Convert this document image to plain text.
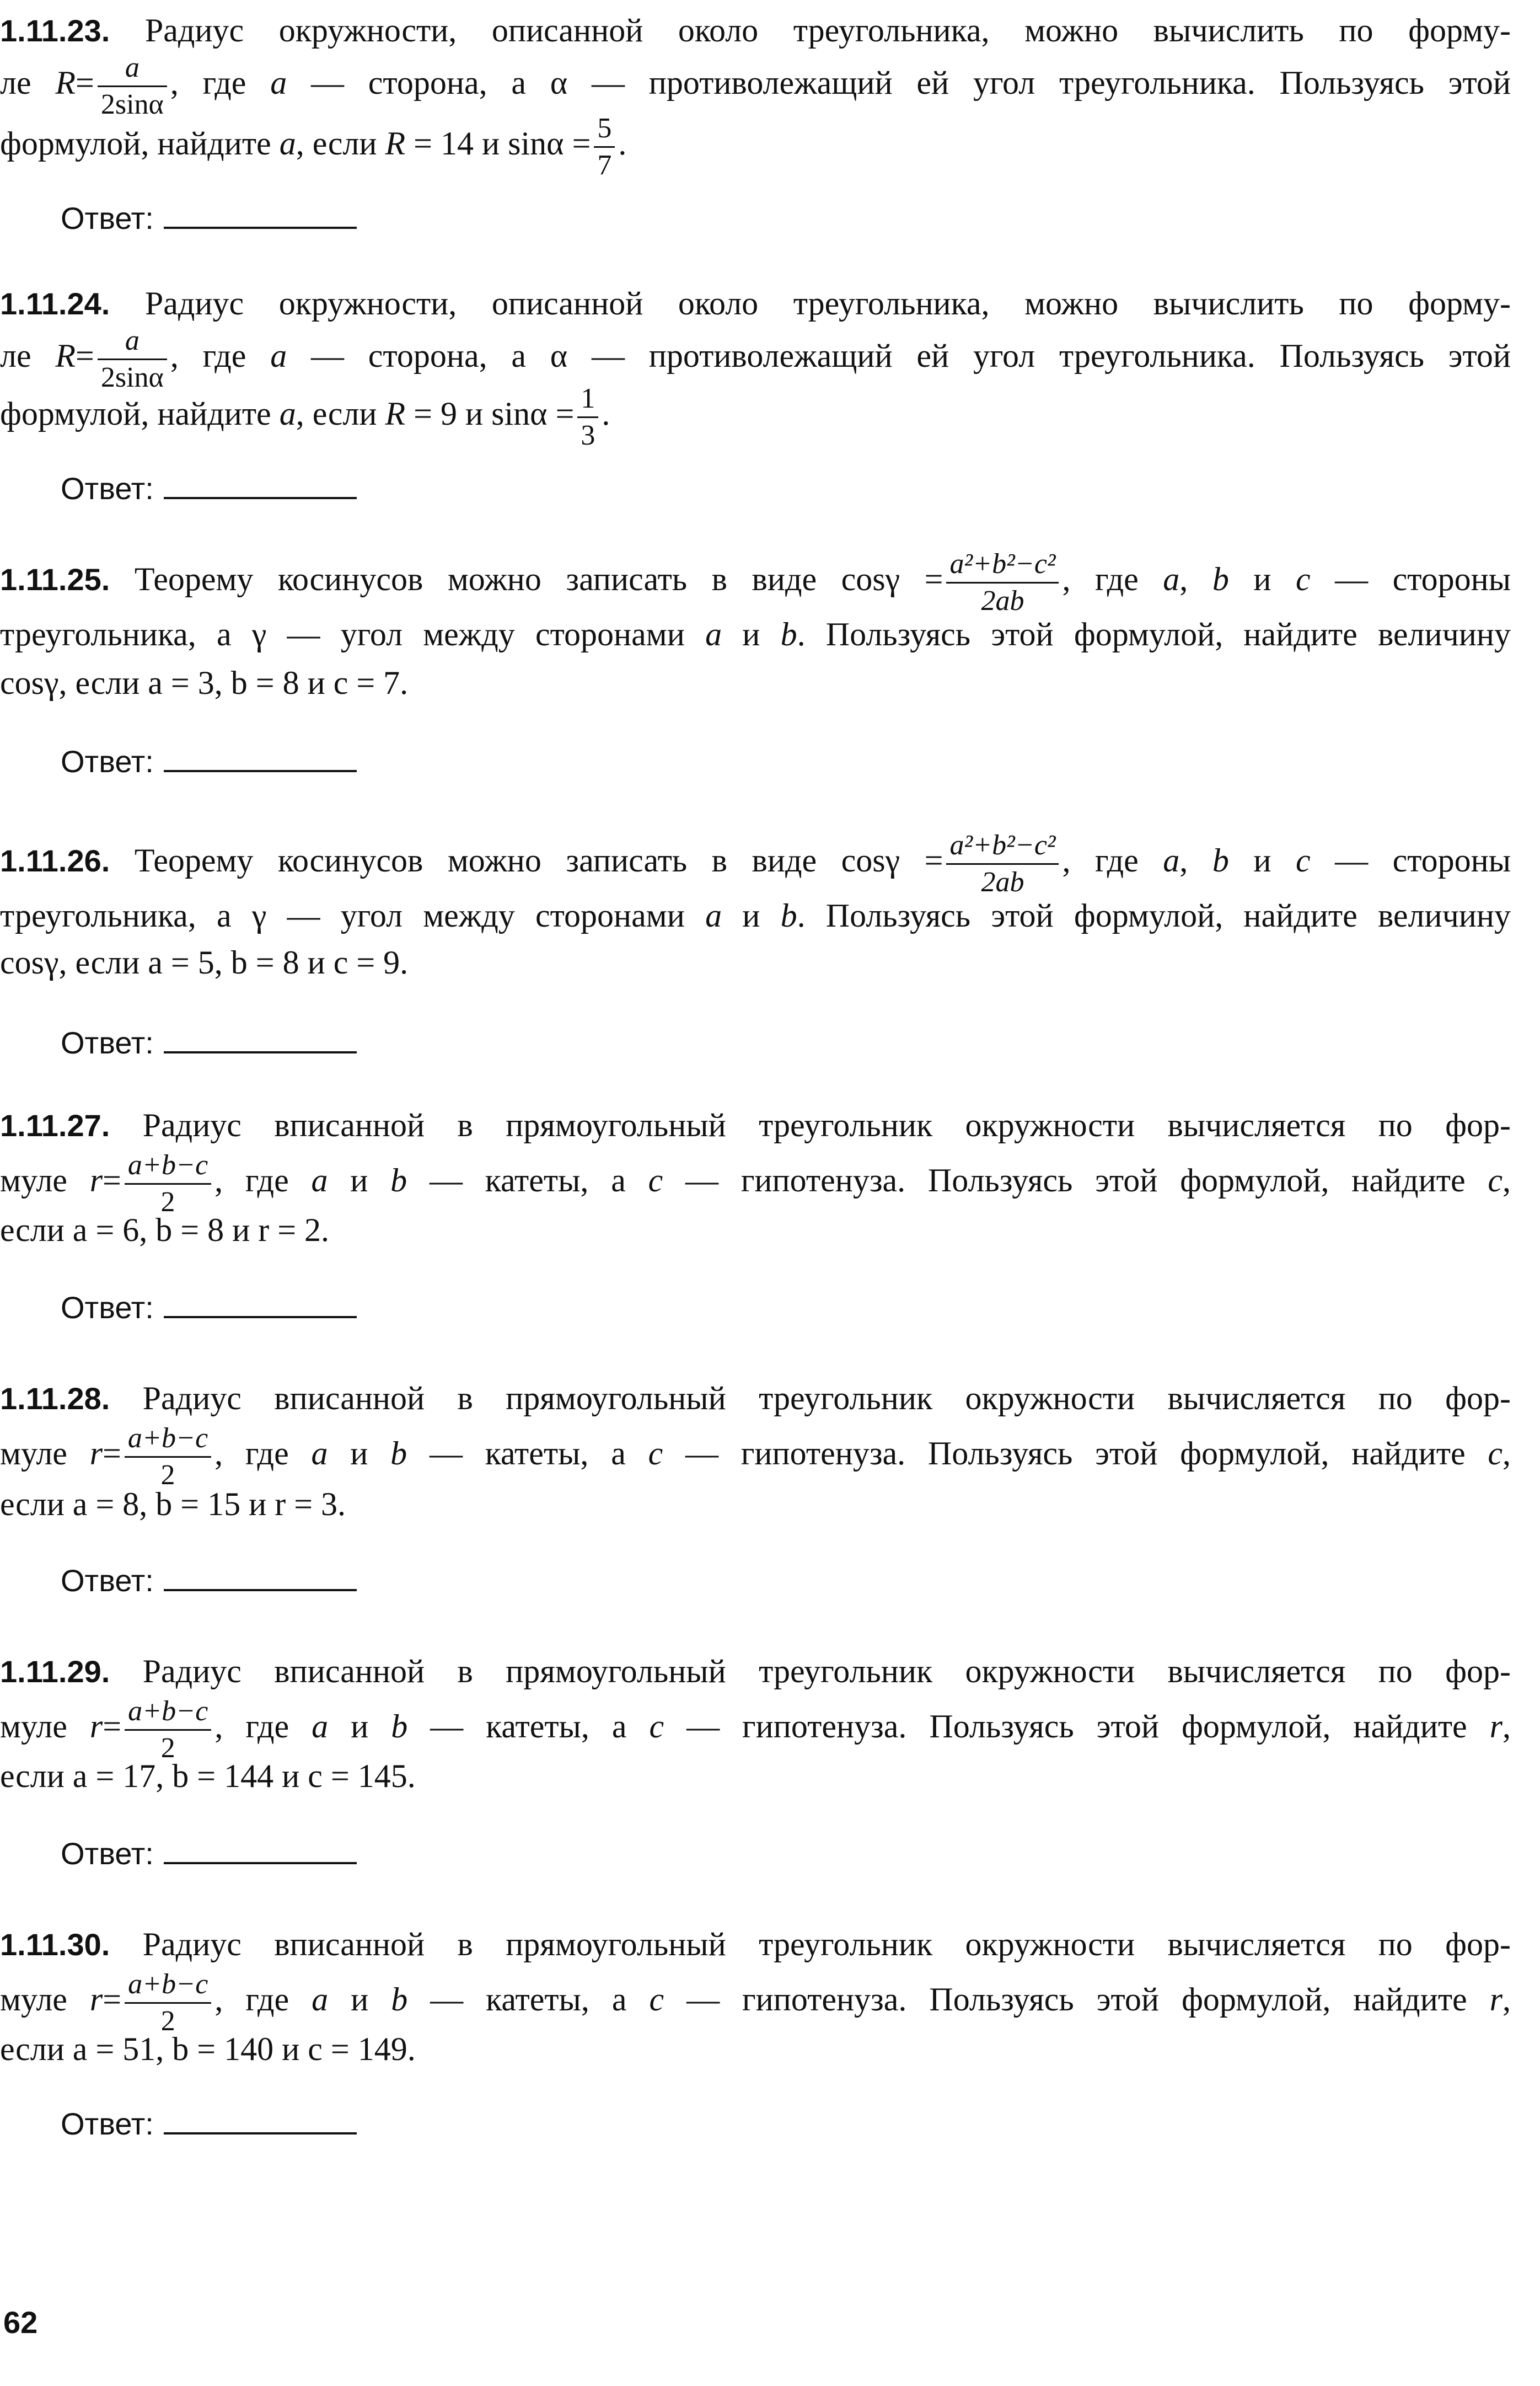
1.11.23. Радиус окружности, описанной около треугольника, можно вычислить по форму-
ле $R= \frac{a}{2\sin\alpha}$ , где a — сторона, а α — противолежащий ей угол треугольника. Пользуясь этой
формулой, найдите a, если R = 14 и $\sin\alpha = \frac{5}{7}$ .
Ответ:
1.11.24. Радиус окружности, описанной около треугольника, можно вычислить по форму-
ле $R= \frac{a}{2\sin\alpha}$ , где a — сторона, а α — противолежащий ей угол треугольника. Пользуясь этой
формулой, найдите a, если R = 9 и $\sin\alpha = \frac{1}{3}$ .
Ответ:
1.11.25. Теорему косинусов можно записать в виде $\cos\gamma = \frac{\text{a²+b²−c²}}{2ab}$ , где a, b и c — стороны
треугольника, а γ — угол между сторонами a и b. Пользуясь этой формулой, найдите величину
cosγ, если a = 3, b = 8 и c = 7.
Ответ:
1.11.26. Теорему косинусов можно записать в виде $\cos\gamma = \frac{\text{a²+b²−c²}}{2ab}$ , где a, b и c — стороны
треугольника, а γ — угол между сторонами a и b. Пользуясь этой формулой, найдите величину
cosγ, если a = 5, b = 8 и c = 9.
Ответ:
1.11.27. Радиус вписанной в прямоугольный треугольник окружности вычисляется по фор-
муле $r= \frac{a+b-c}{2}$ , где a и b — катеты, а c — гипотенуза. Пользуясь этой формулой, найдите c,
если a = 6, b = 8 и r = 2.
Ответ:
1.11.28. Радиус вписанной в прямоугольный треугольник окружности вычисляется по фор-
муле $r= \frac{a+b-c}{2}$ , где a и b — катеты, а c — гипотенуза. Пользуясь этой формулой, найдите c,
если a = 8, b = 15 и r = 3.
Ответ:
1.11.29. Радиус вписанной в прямоугольный треугольник окружности вычисляется по фор-
муле $r= \frac{a+b-c}{2}$ , где a и b — катеты, а c — гипотенуза. Пользуясь этой формулой, найдите r,
если a = 17, b = 144 и c = 145.
Ответ:
1.11.30. Радиус вписанной в прямоугольный треугольник окружности вычисляется по фор-
муле $r= \frac{a+b-c}{2}$ , где a и b — катеты, а c — гипотенуза. Пользуясь этой формулой, найдите r,
если a = 51, b = 140 и c = 149.
Ответ:
62
